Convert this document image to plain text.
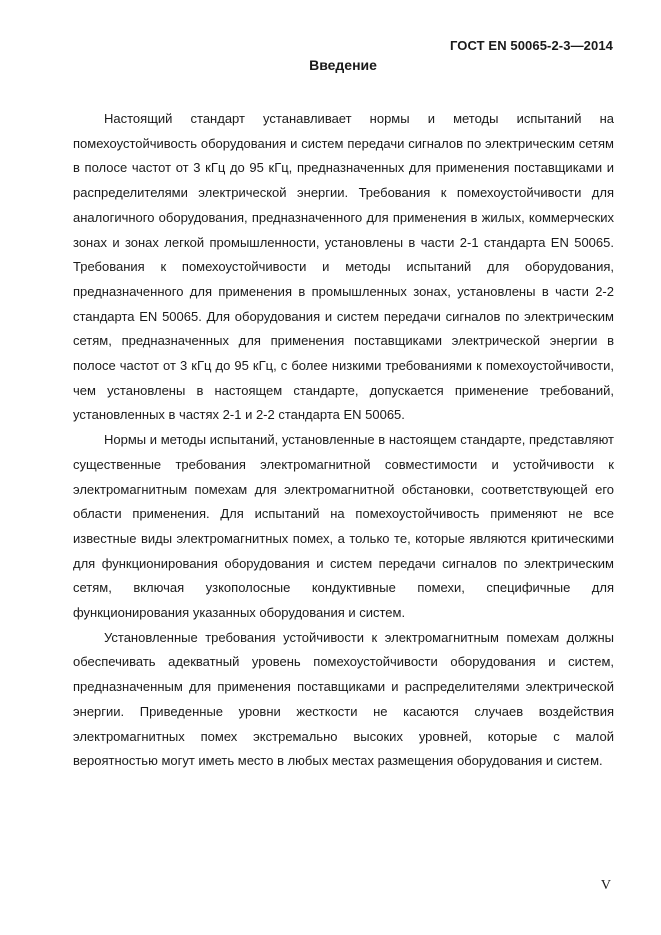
ГОСТ EN 50065-2-3—2014
Введение

Настоящий стандарт устанавливает нормы и методы испытаний на помехоустойчивость оборудования и систем передачи сигналов по электрическим сетям в полосе частот от 3 кГц до 95 кГц, предназначенных для применения поставщиками и распределителями электрической энергии. Требования к помехоустойчивости для аналогичного оборудования, предназначенного для применения в жилых, коммерческих зонах и зонах легкой промышленности, установлены в части 2-1 стандарта EN 50065. Требования к помехоустойчивости и методы испытаний для оборудования, предназначенного для применения в промышленных зонах, установлены в части 2-2 стандарта EN 50065. Для оборудования и систем передачи сигналов по электрическим сетям, предназначенных для применения поставщиками электрической энергии в полосе частот от 3 кГц до 95 кГц, с более низкими требованиями к помехоустойчивости, чем установлены в настоящем стандарте, допускается применение требований, установленных в частях 2-1 и 2-2 стандарта EN 50065.

Нормы и методы испытаний, установленные в настоящем стандарте, представляют существенные требования электромагнитной совместимости и устойчивости к электромагнитным помехам для электромагнитной обстановки, соответствующей его области применения. Для испытаний на помехоустойчивость применяют не все известные виды электромагнитных помех, а только те, которые являются критическими для функционирования оборудования и систем передачи сигналов по электрическим сетям, включая узкополосные кондуктивные помехи, специфичные для функционирования указанных оборудования и систем.

Установленные требования устойчивости к электромагнитным помехам должны обеспечивать адекватный уровень помехоустойчивости оборудования и систем, предназначенным для применения поставщиками и распределителями электрической энергии. Приведенные уровни жесткости не касаются случаев воздействия электромагнитных помех экстремально высоких уровней, которые с малой вероятностью могут иметь место в любых местах размещения оборудования и систем.

V
